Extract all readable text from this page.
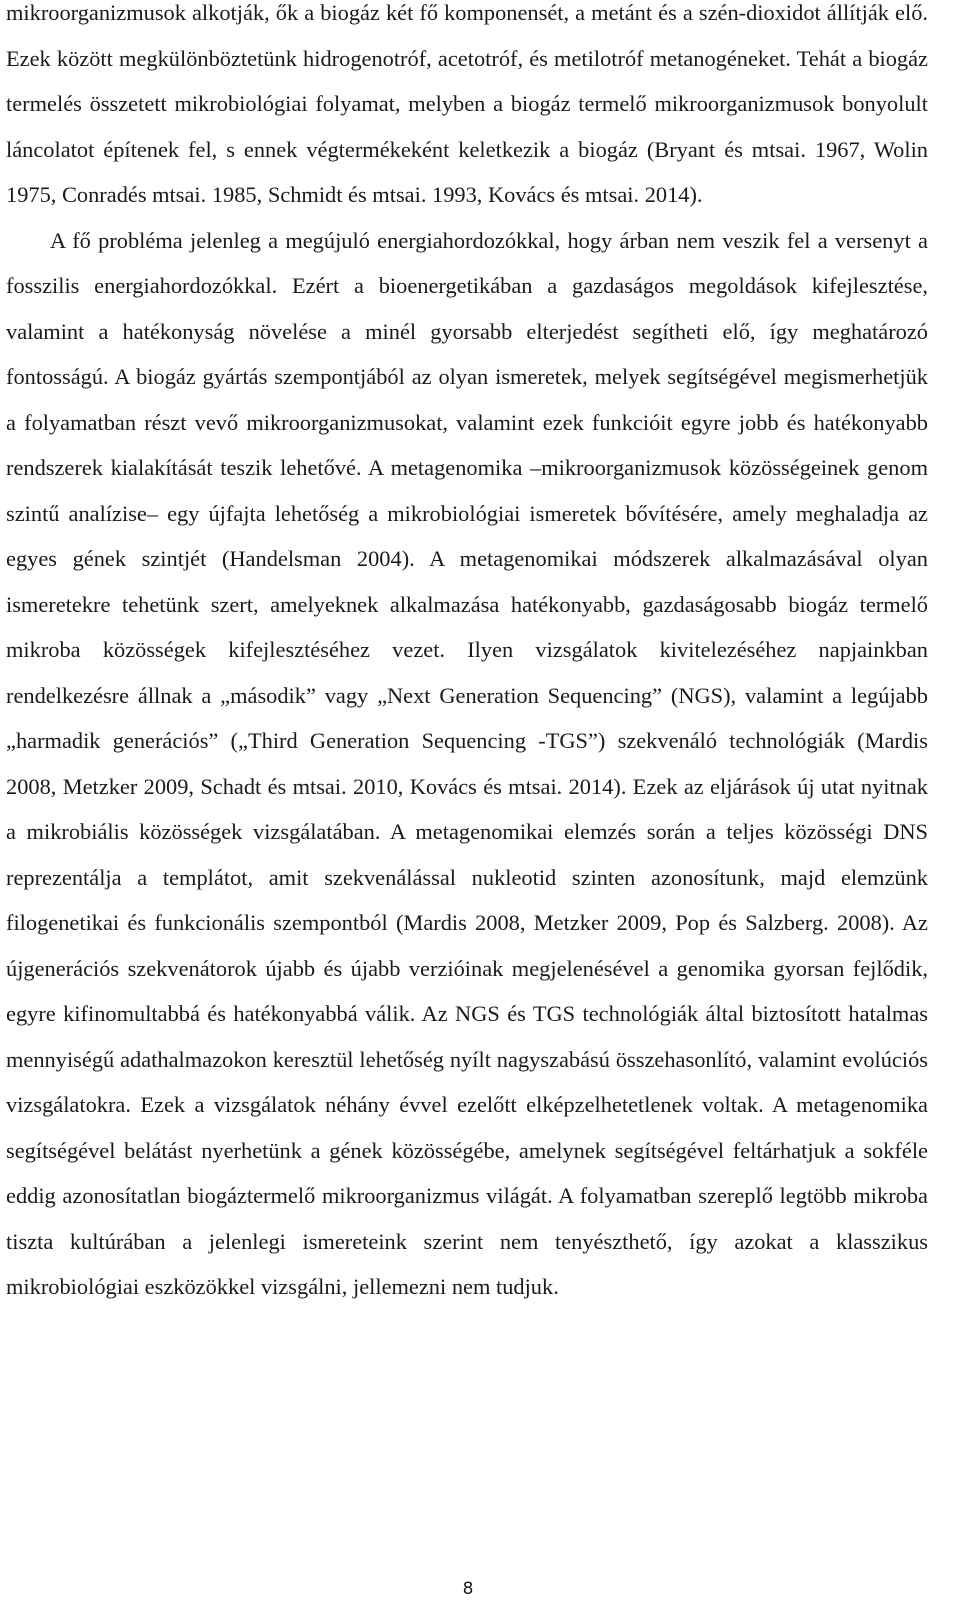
mikroorganizmusok alkotják, ők a biogáz két fő komponensét, a metánt és a szén-dioxidot állítják elő. Ezek között megkülönböztetünk hidrogenotróf, acetotróf, és metilotróf metanogéneket. Tehát a biogáz termelés összetett mikrobiológiai folyamat, melyben a biogáz termelő mikroorganizmusok bonyolult láncolatot építenek fel, s ennek végtermékeként keletkezik a biogáz (Bryant és mtsai. 1967, Wolin 1975, Conradés mtsai. 1985, Schmidt és mtsai. 1993, Kovács és mtsai. 2014).

A fő probléma jelenleg a megújuló energiahordozókkal, hogy árban nem veszik fel a versenyt a fosszilis energiahordozókkal. Ezért a bioenergetikában a gazdaságos megoldások kifejlesztése, valamint a hatékonyság növelése a minél gyorsabb elterjedést segítheti elő, így meghatározó fontosságú. A biogáz gyártás szempontjából az olyan ismeretek, melyek segítségével megismerhetjük a folyamatban részt vevő mikroorganizmusokat, valamint ezek funkcióit egyre jobb és hatékonyabb rendszerek kialakítását teszik lehetővé. A metagenomika –mikroorganizmusok közösségeinek genom szintű analízise– egy újfajta lehetőség a mikrobiológiai ismeretek bővítésére, amely meghaladja az egyes gének szintjét (Handelsman 2004). A metagenomikai módszerek alkalmazásával olyan ismeretekre tehetünk szert, amelyeknek alkalmazása hatékonyabb, gazdaságosabb biogáz termelő mikroba közösségek kifejlesztéséhez vezet. Ilyen vizsgálatok kivitelezéséhez napjainkban rendelkezésre állnak a „második” vagy „Next Generation Sequencing” (NGS), valamint a legújabb „harmadik generációs” („Third Generation Sequencing -TGS”) szekvenáló technológiák (Mardis 2008, Metzker 2009, Schadt és mtsai. 2010, Kovács és mtsai. 2014). Ezek az eljárások új utat nyitnak a mikrobiális közösségek vizsgálatában. A metagenomikai elemzés során a teljes közösségi DNS reprezentálja a templátot, amit szekvenálással nukleotid szinten azonosítunk, majd elemzünk filogenetikai és funkcionális szempontból (Mardis 2008, Metzker 2009, Pop és Salzberg. 2008). Az újgenerációs szekvenátorok újabb és újabb verzióinak megjelenésével a genomika gyorsan fejlődik, egyre kifinomultabbá és hatékonyabbá válik. Az NGS és TGS technológiák által biztosított hatalmas mennyiségű adathalmazokon keresztül lehetőség nyílt nagyszabású összehasonlító, valamint evolúciós vizsgálatokra. Ezek a vizsgálatok néhány évvel ezelőtt elképzelhetetlenek voltak. A metagenomika segítségével belátást nyerhetünk a gének közösségébe, amelynek segítségével feltárhatjuk a sokféle eddig azonosítatlan biogáztermelő mikroorganizmus világát. A folyamatban szereplő legtöbb mikroba tiszta kultúrában a jelenlegi ismereteink szerint nem tenyészthető, így azokat a klasszikus mikrobiológiai eszközökkel vizsgálni, jellemezni nem tudjuk.

8
